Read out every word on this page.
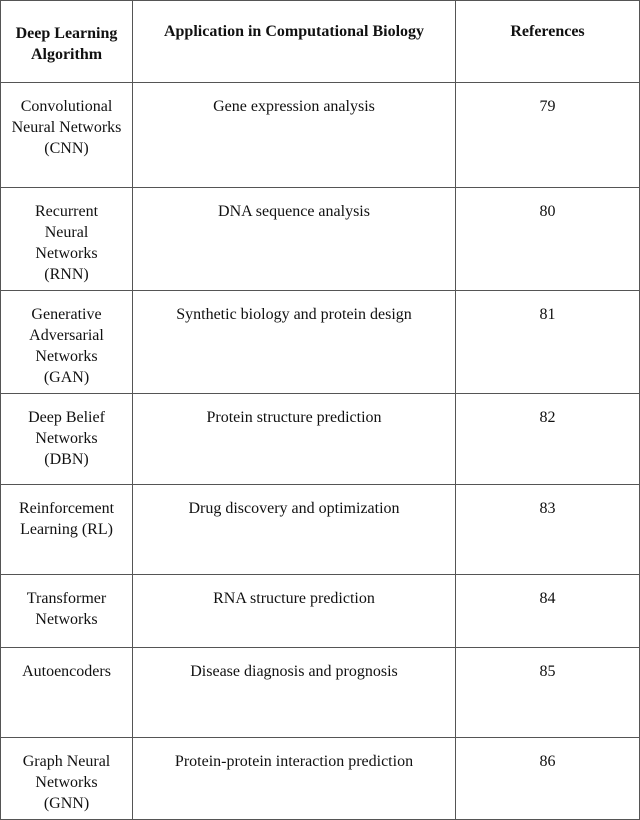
Deep Learning Algorithm	Application in Computational Biology	References
Convolutional Neural Networks (CNN)	Gene expression analysis	79
Recurrent Neural Networks (RNN)	DNA sequence analysis	80
Generative Adversarial Networks (GAN)	Synthetic biology and protein design	81
Deep Belief Networks (DBN)	Protein structure prediction	82
Reinforcement Learning (RL)	Drug discovery and optimization	83
Transformer Networks	RNA structure prediction	84
Autoencoders	Disease diagnosis and prognosis	85
Graph Neural Networks (GNN)	Protein-protein interaction prediction	86
